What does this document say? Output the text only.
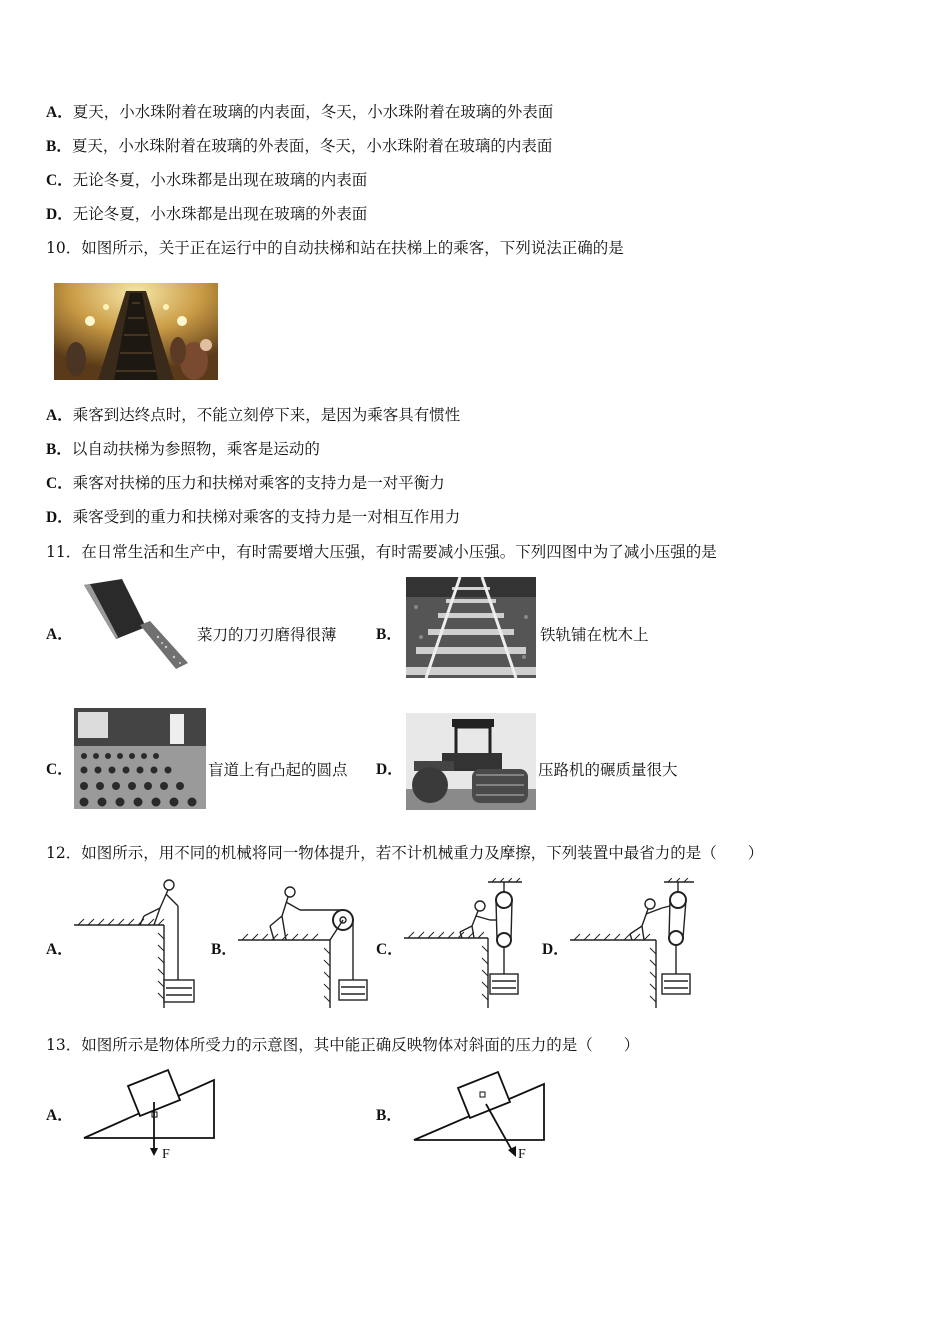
A．夏天，小水珠附着在玻璃的内表面，冬天，小水珠附着在玻璃的外表面
B．夏天，小水珠附着在玻璃的外表面，冬天，小水珠附着在玻璃的内表面
C．无论冬夏，小水珠都是出现在玻璃的内表面
D．无论冬夏，小水珠都是出现在玻璃的外表面
10．如图所示，关于正在运行中的自动扶梯和站在扶梯上的乘客，下列说法正确的是
A．乘客到达终点时，不能立刻停下来，是因为乘客具有惯性
B．以自动扶梯为参照物，乘客是运动的
C．乘客对扶梯的压力和扶梯对乘客的支持力是一对平衡力
D．乘客受到的重力和扶梯对乘客的支持力是一对相互作用力
11．在日常生活和生产中，有时需要增大压强，有时需要减小压强。下列四图中为了减小压强的是
A．	菜刀的刀刃磨得很薄	B．	铁轨铺在枕木上
C．	盲道上有凸起的圆点 D．	压路机的碾质量很大
12．如图所示，用不同的机械将同一物体提升，若不计机械重力及摩擦，下列装置中最省力的是（　　）
A．	B．	C．	D．
13．如图所示是物体所受力的示意图，其中能正确反映物体对斜面的压力的是（　　）
A．
F
B．
F
